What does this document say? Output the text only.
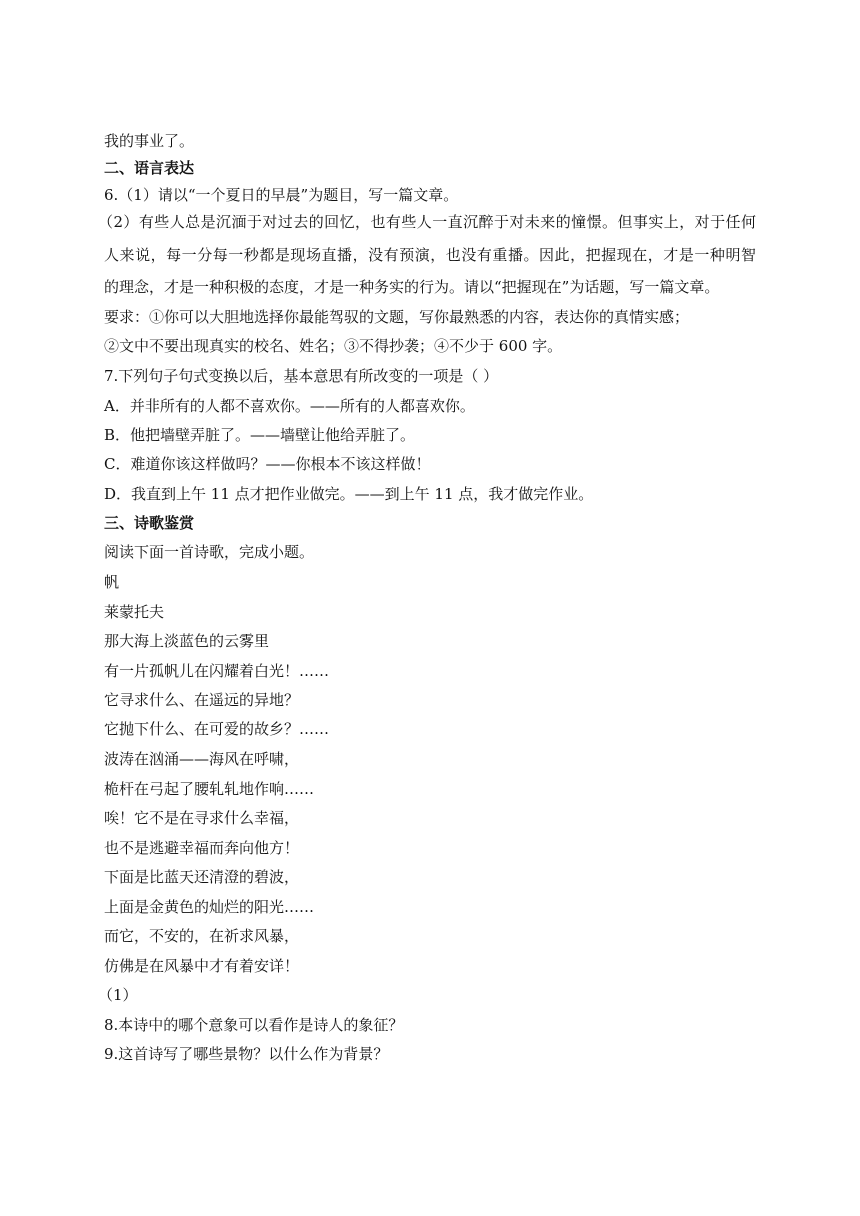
我的事业了。
二、语言表达
6.（1）请以“一个夏日的早晨”为题目，写一篇文章。
（2）有些人总是沉湎于对过去的回忆，也有些人一直沉醉于对未来的憧憬。但事实上，对于任何
人来说，每一分每一秒都是现场直播，没有预演，也没有重播。因此，把握现在，才是一种明智
的理念，才是一种积极的态度，才是一种务实的行为。请以“把握现在”为话题，写一篇文章。
要求：①你可以大胆地选择你最能驾驭的文题，写你最熟悉的内容，表达你的真情实感；
②文中不要出现真实的校名、姓名；③不得抄袭；④不少于 600 字。
7.下列句子句式变换以后，基本意思有所改变的一项是（ ）
A．并非所有的人都不喜欢你。——所有的人都喜欢你。
B．他把墙壁弄脏了。——墙壁让他给弄脏了。
C．难道你该这样做吗？——你根本不该这样做！
D．我直到上午 11 点才把作业做完。——到上午 11 点，我才做完作业。
三、诗歌鉴赏
阅读下面一首诗歌，完成小题。
帆
莱蒙托夫
那大海上淡蓝色的云雾里
有一片孤帆儿在闪耀着白光！……
它寻求什么、在遥远的异地？
它抛下什么、在可爱的故乡？……
波涛在汹涌——海风在呼啸，
桅杆在弓起了腰轧轧地作响……
唉！它不是在寻求什么幸福，
也不是逃避幸福而奔向他方！
下面是比蓝天还清澄的碧波，
上面是金黄色的灿烂的阳光……
而它，不安的，在祈求风暴，
仿佛是在风暴中才有着安详！
（1）
8.本诗中的哪个意象可以看作是诗人的象征？
9.这首诗写了哪些景物？以什么作为背景？
